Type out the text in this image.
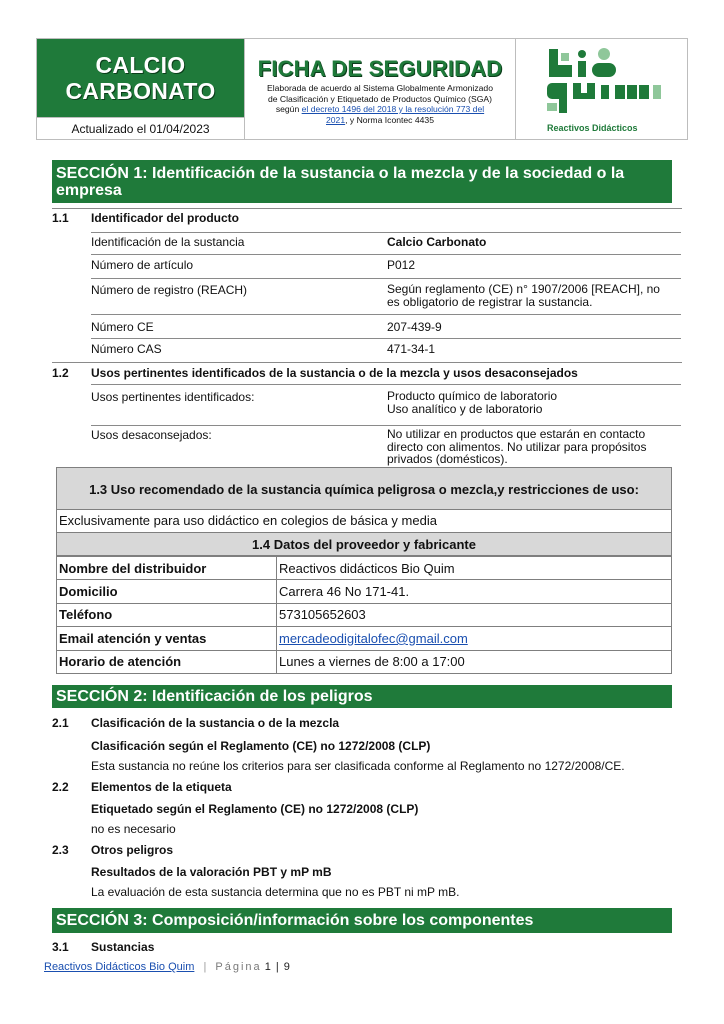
CALCIO
CARBONATO
Actualizado el 01/04/2023
FICHA DE SEGURIDAD
Elaborada de acuerdo al Sistema Globalmente Armonizado
de Clasificación y Etiquetado de Productos Químico (SGA)
según el decreto 1496 del 2018 y la resolución 773 del
2021, y Norma Icontec 4435
Reactivos Didácticos
SECCIÓN 1: Identificación de la sustancia o la mezcla y de la sociedad o la
empresa
1.1 Identificador del producto
Identificación de la sustancia	Calcio Carbonato
Número de artículo	P012
Número de registro (REACH)	Según reglamento (CE) n° 1907/2006 [REACH], no
es obligatorio de registrar la sustancia.
Número CE	207-439-9
Número CAS	471-34-1
1.2 Usos pertinentes identificados de la sustancia o de la mezcla y usos desaconsejados
Usos pertinentes identificados:	Producto químico de laboratorio
Uso analítico y de laboratorio
Usos desaconsejados:	No utilizar en productos que estarán en contacto
directo con alimentos. No utilizar para propósitos
privados (domésticos).
1.3 Uso recomendado de la sustancia química peligrosa o mezcla,y restricciones de uso:
Exclusivamente para uso didáctico en colegios de básica y media
1.4 Datos del proveedor y fabricante
Nombre del distribuidor	Reactivos didácticos Bio Quim
Domicilio	Carrera 46 No 171-41.
Teléfono	573105652603
Email atención y ventas	mercadeodigitalofec@gmail.com
Horario de atención	Lunes a viernes de 8:00 a 17:00
SECCIÓN 2: Identificación de los peligros
2.1 Clasificación de la sustancia o de la mezcla
Clasificación según el Reglamento (CE) no 1272/2008 (CLP)
Esta sustancia no reúne los criterios para ser clasificada conforme al Reglamento no 1272/2008/CE.
2.2 Elementos de la etiqueta
Etiquetado según el Reglamento (CE) no 1272/2008 (CLP)
no es necesario
2.3 Otros peligros
Resultados de la valoración PBT y mP mB
La evaluación de esta sustancia determina que no es PBT ni mP mB.
SECCIÓN 3: Composición/información sobre los componentes
3.1 Sustancias
Reactivos Didácticos Bio Quim | Página 1 | 9
